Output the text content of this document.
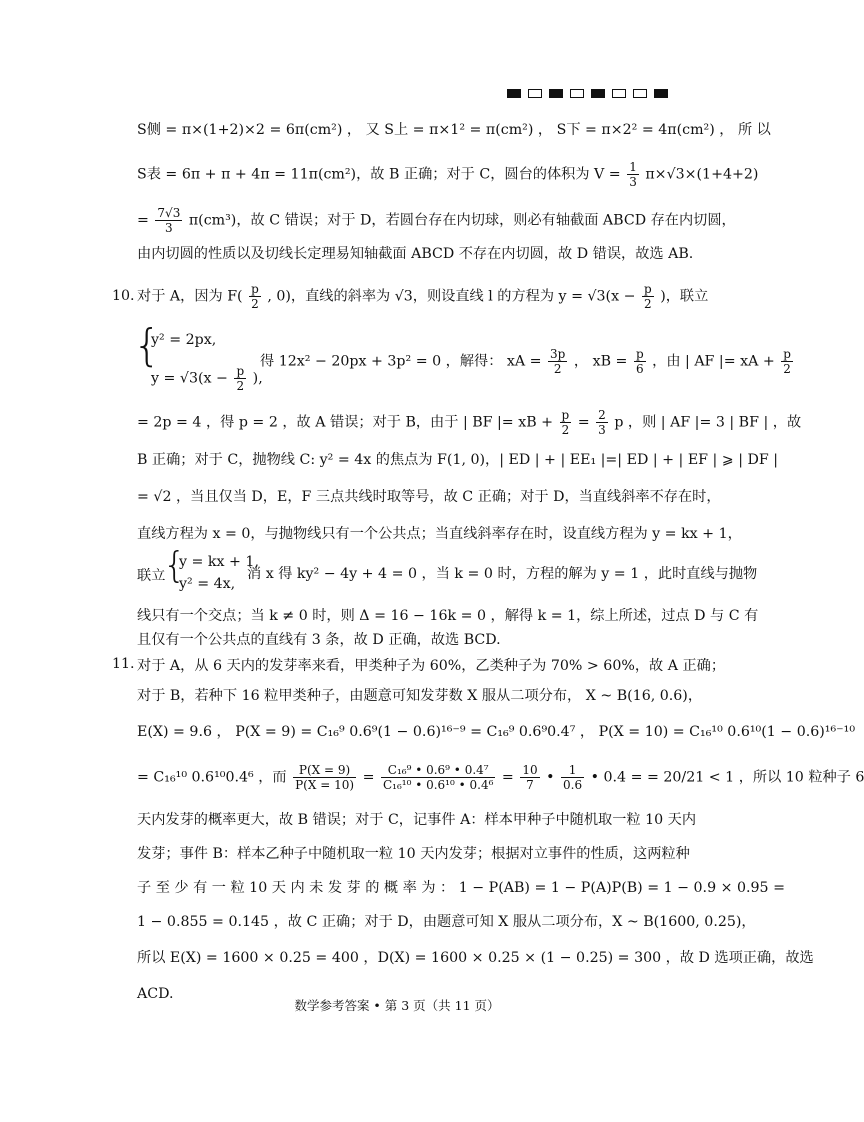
S侧 = π×(1+2)×2 = 6π(cm²) ， 又 S上 = π×1² = π(cm²) ， S下 = π×2² = 4π(cm²) ， 所 以
S表 = 6π + π + 4π = 11π(cm²)，故 B 正确；对于 C，圆台的体积为 $V = \frac{1}{3} \pi\times√3\times(1+4+2)$
= $\frac{7√3}{3} \pi(cm^3)$，故 C 错误；对于 D，若圆台存在内切球，则必有轴截面 ABCD 存在内切圆，
由内切圆的性质以及切线长定理易知轴截面 ABCD 不存在内切圆，故 D 错误，故选 AB.
10. 对于 A，因为 $F( \frac{p}{2}$ , 0)，直线的斜率为 √3，则设直线 l 的方程为 $y = √3(x - \frac{p}{2}$ )，联立
{
y² = 2px,
得 12x² − 20px + 3p² = 0 ，解得： xA = $\frac{3p}{2}$ ， xB = $\frac{p}{6}$ ，由 | AF |= xA + $\frac{p}{2}$
$y = √3(x - \frac{p}{2}$ ),
= 2p = 4 ，得 p = 2 ，故 A 错误；对于 B，由于 | BF |= xB + $\frac{p}{2} = \frac{2}{3}$ p ，则 | AF |= 3 | BF | ，故
B 正确；对于 C，抛物线 C: y² = 4x 的焦点为 F(1, 0)，| ED | + | EE₁ |=| ED | + | EF | ⩾ | DF |
= √2 ，当且仅当 D，E，F 三点共线时取等号，故 C 正确；对于 D，当直线斜率不存在时，
直线方程为 x = 0，与抛物线只有一个公共点；当直线斜率存在时，设直线方程为 y = kx + 1，
联立
{
y = kx + 1,
消 x 得 ky² − 4y + 4 = 0 ，当 k = 0 时，方程的解为 y = 1 ，此时直线与抛物
y² = 4x,
线只有一个交点；当 k ≠ 0 时，则 Δ = 16 − 16k = 0 ，解得 k = 1，综上所述，过点 D 与 C 有
且仅有一个公共点的直线有 3 条，故 D 正确，故选 BCD.
11. 对于 A，从 6 天内的发芽率来看，甲类种子为 60%，乙类种子为 70% > 60%，故 A 正确；
对于 B，若种下 16 粒甲类种子，由题意可知发芽数 X 服从二项分布， X ~ B(16, 0.6)，
E(X) = 9.6 ， P(X = 9) = C₁₆⁹ 0.6⁹(1 − 0.6)¹⁶⁻⁹ = C₁₆⁹ 0.6⁹0.4⁷ ， P(X = 10) = C₁₆¹⁰ 0.6¹⁰(1 − 0.6)¹⁶⁻¹⁰
= C₁₆¹⁰ 0.6¹⁰0.4⁶ ，而 $\frac{P(X = 9)}{P(X = 10)} = \frac{\text{C₁₆⁹ • 0.6⁹ • 0.4⁷}}{\text{C₁₆¹⁰ • 0.6¹⁰ • 0.4⁶}} = \frac{10}{7}$ • $\frac{1}{0.6}$ • 0.4 = = 20/21 < 1 ，所以 10 粒种子 6
天内发芽的概率更大，故 B 错误；对于 C，记事件 A：样本甲种子中随机取一粒 10 天内
发芽；事件 B：样本乙种子中随机取一粒 10 天内发芽；根据对立事件的性质，这两粒种
子 至 少 有 一 粒 10 天 内 未 发 芽 的 概 率 为 ： 1 − P(AB) = 1 − P(A)P(B) = 1 − 0.9 × 0.95 =
1 − 0.855 = 0.145 ，故 C 正确；对于 D，由题意可知 X 服从二项分布，X ~ B(1600, 0.25)，
所以 E(X) = 1600 × 0.25 = 400 ，D(X) = 1600 × 0.25 × (1 − 0.25) = 300 ，故 D 选项正确，故选
ACD.
数学参考答案 • 第 3 页（共 11 页）
